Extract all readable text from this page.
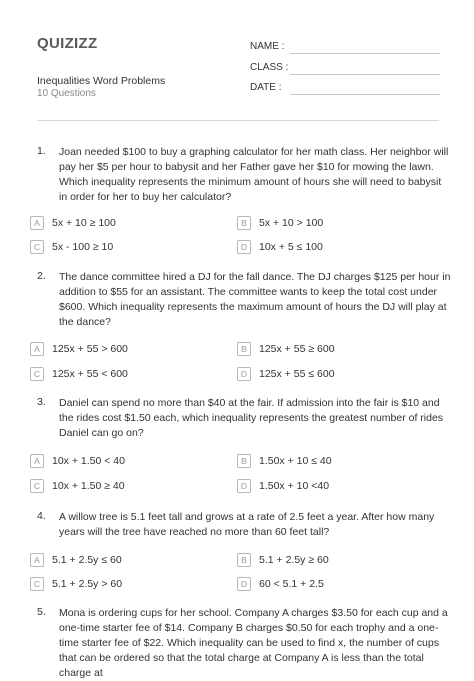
QUIZIZZ
Inequalities Word Problems
10 Questions
NAME :
CLASS :
DATE :
1. Joan needed $100 to buy a graphing calculator for her math class. Her neighbor will pay her $5 per hour to babysit and her Father gave her $10 for mowing the lawn. Which inequality represents the minimum amount of hours she will need to babysit in order for her to buy her calculator?
A	5x + 10 ≥ 100	B	5x + 10 > 100
C	5x - 100 ≥ 10	D	10x + 5 ≤ 100
2. The dance committee hired a DJ for the fall dance. The DJ charges $125 per hour in addition to $55 for an assistant. The committee wants to keep the total cost under $600. Which inequality represents the maximum amount of hours the DJ will play at the dance?
A	125x + 55 > 600	B	125x + 55 ≥ 600
C	125x + 55 < 600	D	125x + 55 ≤ 600
3. Daniel can spend no more than $40 at the fair. If admission into the fair is $10 and the rides cost $1.50 each, which inequality represents the greatest number of rides Daniel can go on?
A	10x + 1.50 < 40	B	1.50x + 10 ≤ 40
C	10x + 1.50 ≥ 40	D	1.50x + 10 <40
4. A willow tree is 5.1 feet tall and grows at a rate of 2.5 feet a year. After how many years will the tree have reached no more than 60 feet tall?
A	5.1 + 2.5y ≤ 60	B	5.1 + 2.5y ≥ 60
C	5.1 + 2.5y > 60	D	60 < 5.1 + 2.5
5. Mona is ordering cups for her school. Company A charges $3.50 for each cup and a one-time starter fee of $14. Company B charges $0.50 for each trophy and a one-time starter fee of $22. Which inequality can be used to find x, the number of cups that can be ordered so that the total charge at Company A is less than the total charge at
